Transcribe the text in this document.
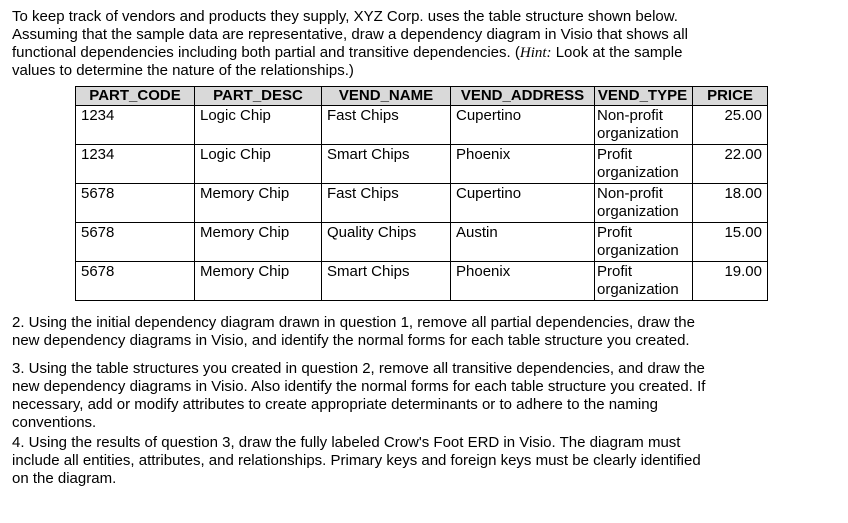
To keep track of vendors and products they supply, XYZ Corp. uses the table structure shown below.
Assuming that the sample data are representative, draw a dependency diagram in Visio that shows all
functional dependencies including both partial and transitive dependencies. (Hint: Look at the sample
values to determine the nature of the relationships.)
PART_CODE	PART_DESC	VEND_NAME	VEND_ADDRESS	VEND_TYPE	PRICE
1234	Logic Chip	Fast Chips	Cupertino	Non-profit organization	25.00
1234	Logic Chip	Smart Chips	Phoenix	Profit organization	22.00
5678	Memory Chip	Fast Chips	Cupertino	Non-profit organization	18.00
5678	Memory Chip	Quality Chips	Austin	Profit organization	15.00
5678	Memory Chip	Smart Chips	Phoenix	Profit organization	19.00
2. Using the initial dependency diagram drawn in question 1, remove all partial dependencies, draw the
new dependency diagrams in Visio, and identify the normal forms for each table structure you created.
3. Using the table structures you created in question 2, remove all transitive dependencies, and draw the
new dependency diagrams in Visio. Also identify the normal forms for each table structure you created. If
necessary, add or modify attributes to create appropriate determinants or to adhere to the naming
conventions.
4. Using the results of question 3, draw the fully labeled Crow's Foot ERD in Visio. The diagram must
include all entities, attributes, and relationships. Primary keys and foreign keys must be clearly identified
on the diagram.
